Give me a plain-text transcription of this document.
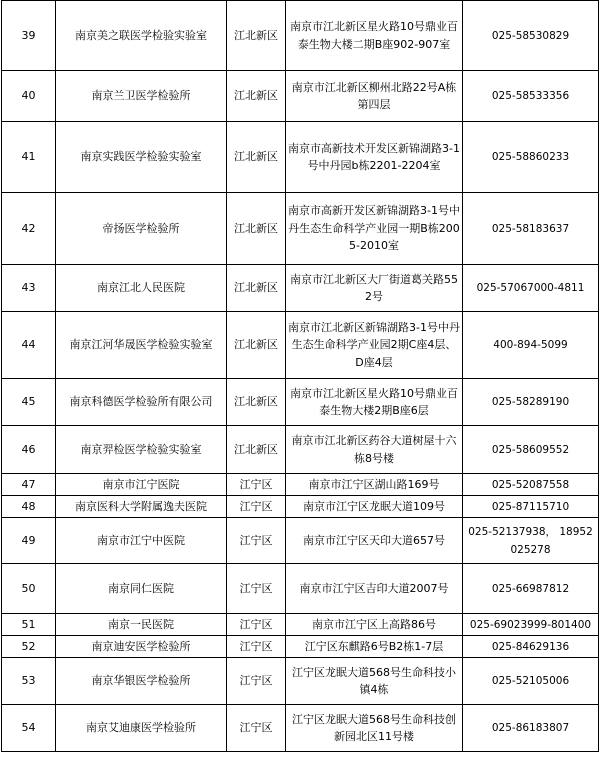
39	南京美之联医学检验实验室	江北新区	南京市江北新区星火路10号鼎业百泰生物大楼二期B座902-907室	025-58530829
40	南京兰卫医学检验所	江北新区	南京市江北新区柳州北路22号A栋第四层	025-58533356
41	南京实践医学检验实验室	江北新区	南京市高新技术开发区新锦湖路3-1号中丹园b栋2201-2204室	025-58860233
42	帝扬医学检验所	江北新区	南京市高新开发区新锦湖路3-1号中丹生态生命科学产业园一期B栋2005-2010室	025-58183637
43	南京江北人民医院	江北新区	南京市江北新区大厂街道葛关路552号	025-57067000-4811
44	南京江河华晟医学检验实验室	江北新区	南京市江北新区新锦湖路3-1号中丹生态生命科学产业园2期C座4层、D座4层	400-894-5099
45	南京科德医学检验所有限公司	江北新区	南京市江北新区星火路10号鼎业百泰生物大楼2期B座6层	025-58289190
46	南京羿检医学检验实验室	江北新区	南京市江北新区药谷大道树屋十六栋8号楼	025-58609552
47	南京市江宁医院	江宁区	南京市江宁区湖山路169号	025-52087558
48	南京医科大学附属逸夫医院	江宁区	南京市江宁区龙眠大道109号	025-87115710
49	南京市江宁中医院	江宁区	南京市江宁区天印大道657号	025-52137938， 18952025278
50	南京同仁医院	江宁区	南京市江宁区吉印大道2007号	025-66987812
51	南京一民医院	江宁区	南京市江宁区上高路86号	025-69023999-801400
52	南京迪安医学检验所	江宁区	江宁区东麒路6号B2栋1-7层	025-84629136
53	南京华银医学检验所	江宁区	江宁区龙眠大道568号生命科技小镇4栋	025-52105006
54	南京艾迪康医学检验所	江宁区	江宁区龙眠大道568号生命科技创新园北区11号楼	025-86183807
